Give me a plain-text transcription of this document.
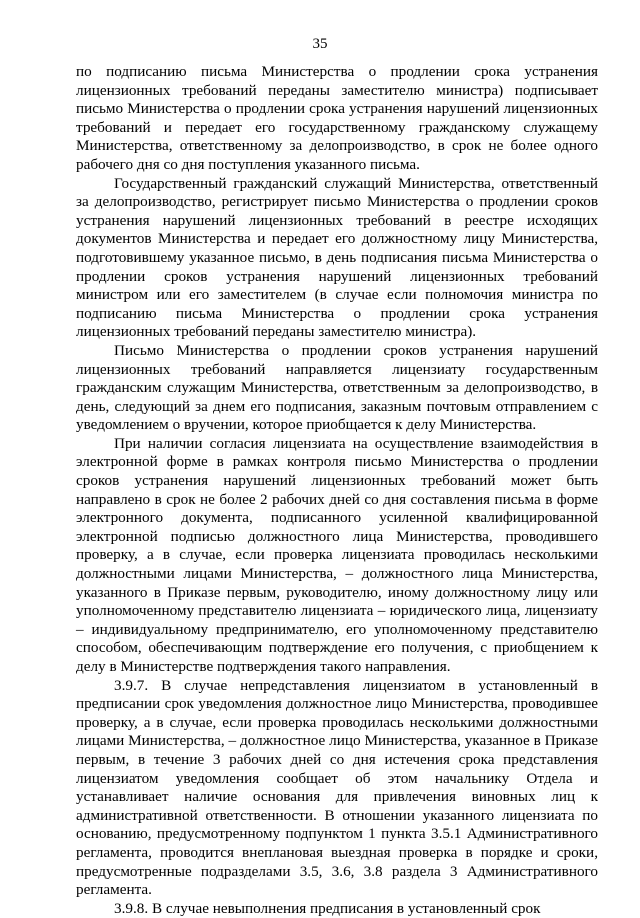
35

по подписанию письма Министерства о продлении срока устранения лицензионных требований переданы заместителю министра) подписывает письмо Министерства о продлении срока устранения нарушений лицензионных требований и передает его государственному гражданскому служащему Министерства, ответственному за делопроизводство, в срок не более одного рабочего дня со дня поступления указанного письма.

Государственный гражданский служащий Министерства, ответственный за делопроизводство, регистрирует письмо Министерства о продлении сроков устранения нарушений лицензионных требований в реестре исходящих документов Министерства и передает его должностному лицу Министерства, подготовившему указанное письмо, в день подписания письма Министерства о продлении сроков устранения нарушений лицензионных требований министром или его заместителем (в случае если полномочия министра по подписанию письма Министерства о продлении срока устранения лицензионных требований переданы заместителю министра).

Письмо Министерства о продлении сроков устранения нарушений лицензионных требований направляется лицензиату государственным гражданским служащим Министерства, ответственным за делопроизводство, в день, следующий за днем его подписания, заказным почтовым отправлением с уведомлением о вручении, которое приобщается к делу Министерства.

При наличии согласия лицензиата на осуществление взаимодействия в электронной форме в рамках контроля письмо Министерства о продлении сроков устранения нарушений лицензионных требований может быть направлено в срок не более 2 рабочих дней со дня составления письма в форме электронного документа, подписанного усиленной квалифицированной электронной подписью должностного лица Министерства, проводившего проверку, а в случае, если проверка лицензиата проводилась несколькими должностными лицами Министерства, – должностного лица Министерства, указанного в Приказе первым, руководителю, иному должностному лицу или уполномоченному представителю лицензиата – юридического лица, лицензиату – индивидуальному предпринимателю, его уполномоченному представителю способом, обеспечивающим подтверждение его получения, с приобщением к делу в Министерстве подтверждения такого направления.

3.9.7. В случае непредставления лицензиатом в установленный в предписании срок уведомления должностное лицо Министерства, проводившее проверку, а в случае, если проверка проводилась несколькими должностными лицами Министерства, – должностное лицо Министерства, указанное в Приказе первым, в течение 3 рабочих дней со дня истечения срока представления лицензиатом уведомления сообщает об этом начальнику Отдела и устанавливает наличие основания для привлечения виновных лиц к административной ответственности. В отношении указанного лицензиата по основанию, предусмотренному подпунктом 1 пункта 3.5.1 Административного регламента, проводится внеплановая выездная проверка в порядке и сроки, предусмотренные подразделами 3.5, 3.6, 3.8 раздела 3 Административного регламента.

3.9.8. В случае невыполнения предписания в установленный срок
